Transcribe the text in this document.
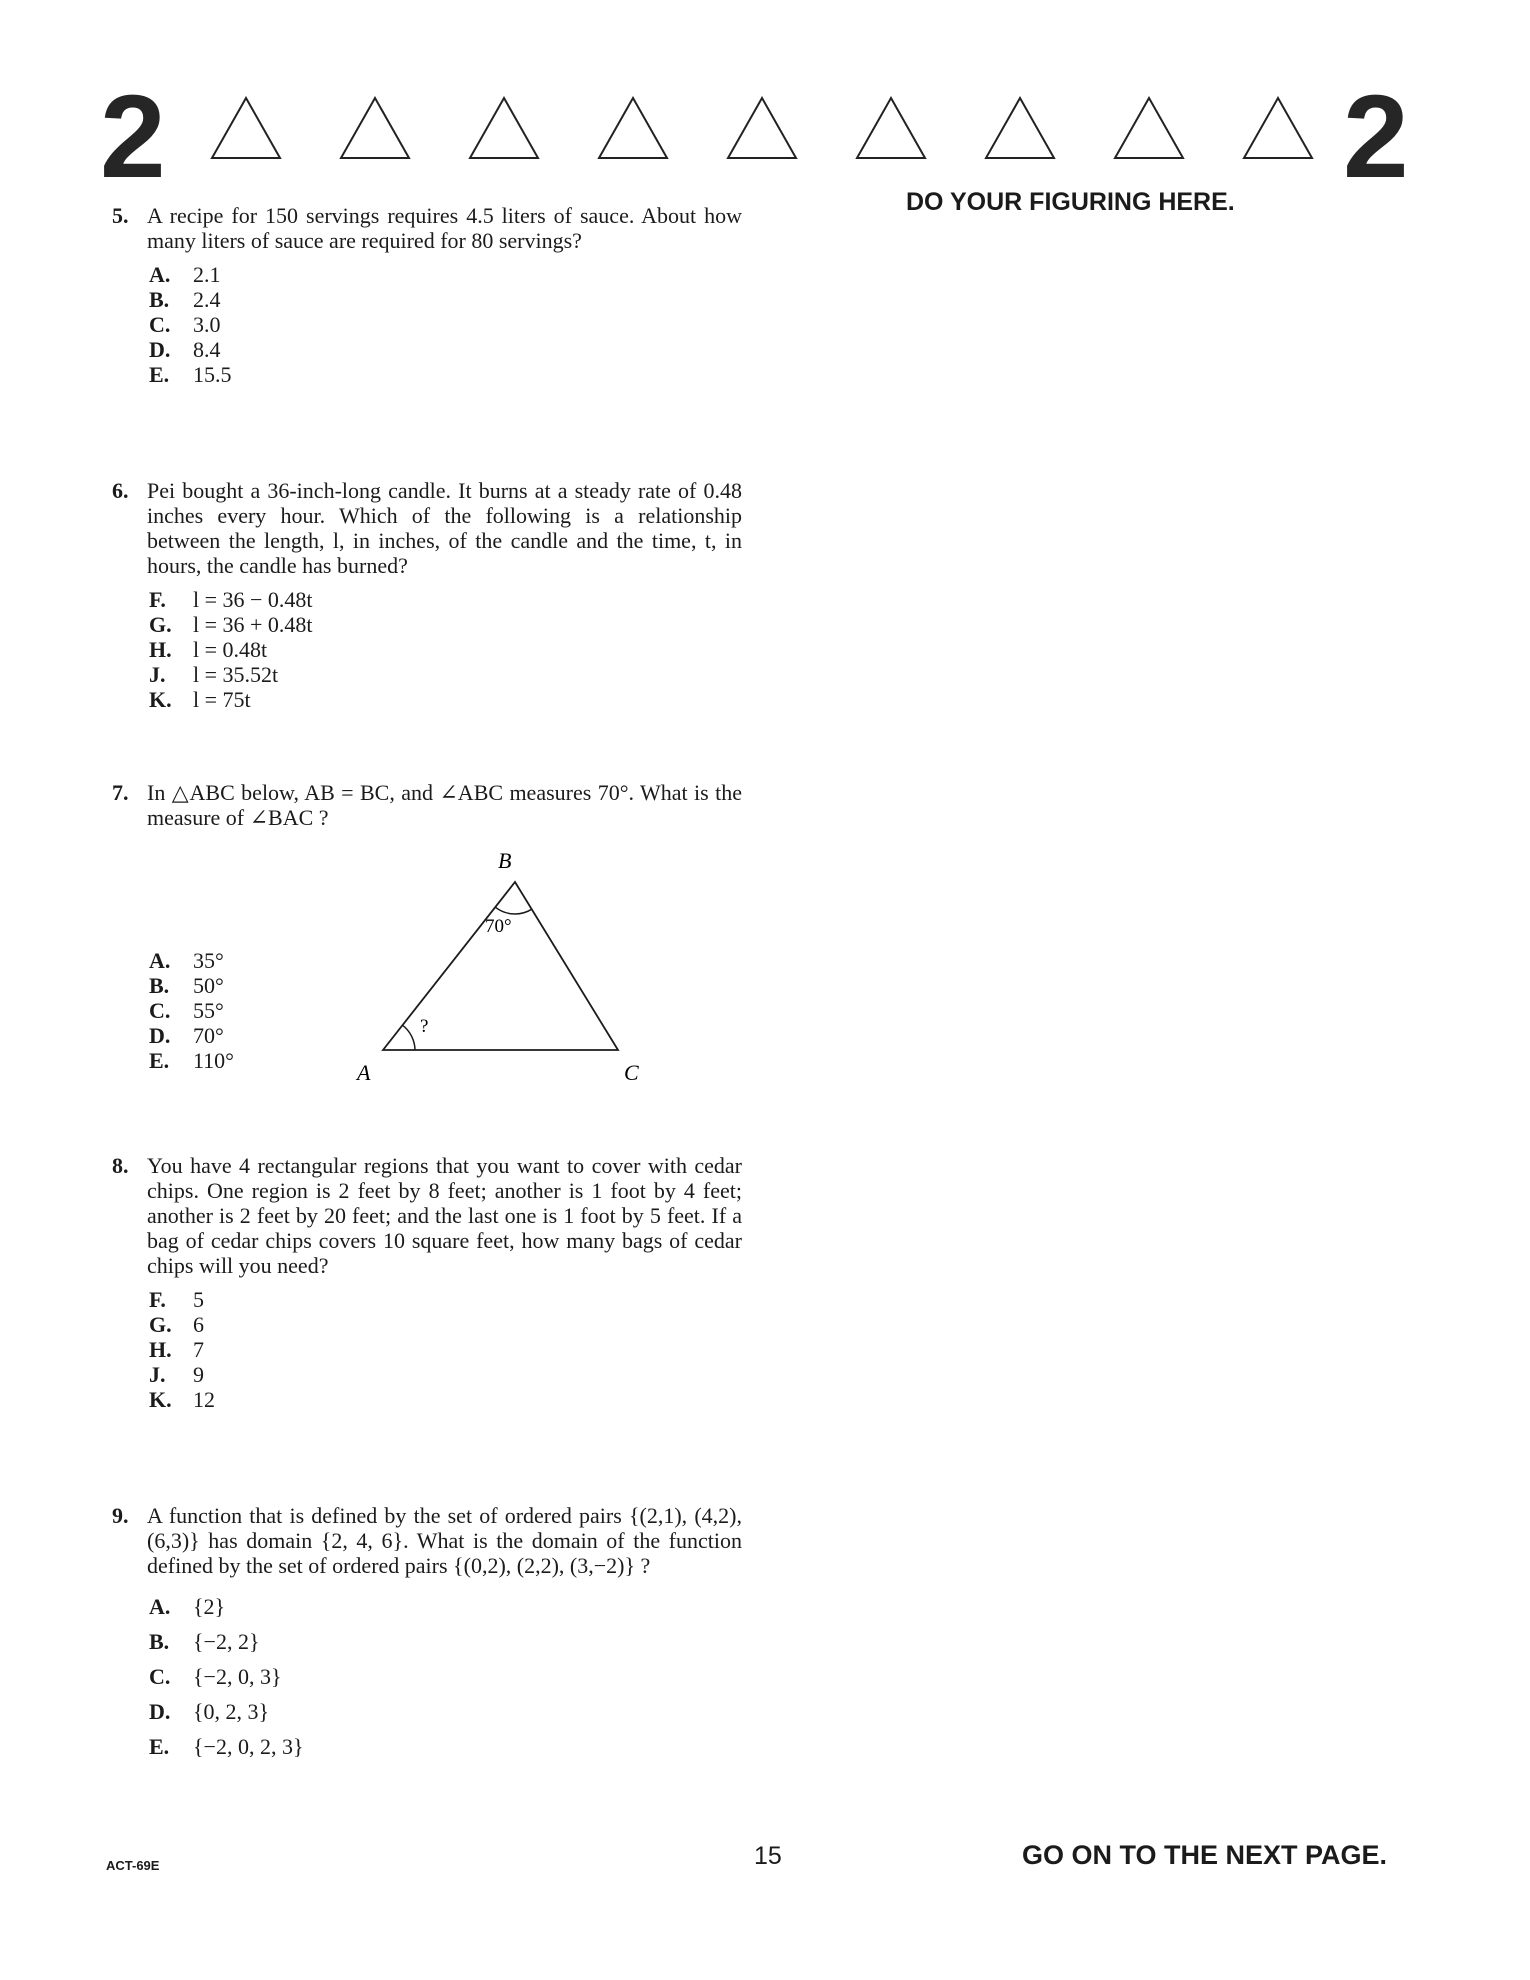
2	2
DO YOUR FIGURING HERE.
5. A recipe for 150 servings requires 4.5 liters of sauce. About how many liters of sauce are required for 80 servings?
A.	2.1
B.	2.4
C.	3.0
D.	8.4
E.	15.5
6. Pei bought a 36-inch-long candle. It burns at a steady rate of 0.48 inches every hour. Which of the following is a relationship between the length, l, in inches, of the candle and the time, t, in hours, the candle has burned?
F.	l = 36 − 0.48t
G. l = 36 + 0.48t
H. l = 0.48t
J.	l = 35.52t
K. l = 75t
7. In △ABC below, AB = BC, and ∠ABC measures 70°. What is the measure of ∠BAC ?
A.	35°
B.	50°
C.	55°
D.	70°
E.	110°
B
A	C
70°
?
8. You have 4 rectangular regions that you want to cover with cedar chips. One region is 2 feet by 8 feet; another is 1 foot by 4 feet; another is 2 feet by 20 feet; and the last one is 1 foot by 5 feet. If a bag of cedar chips covers 10 square feet, how many bags of cedar chips will you need?
F.	5
G. 6
H. 7
J.	9
K. 12
9. A function that is defined by the set of ordered pairs {(2,1), (4,2), (6,3)} has domain {2, 4, 6}. What is the domain of the function defined by the set of ordered pairs {(0,2), (2,2), (3,−2)} ?
A.	{2}
B.	{−2, 2}
C.	{−2, 0, 3}
D.	{0, 2, 3}
E.	{−2, 0, 2, 3}
ACT-69E	15	GO ON TO THE NEXT PAGE.
